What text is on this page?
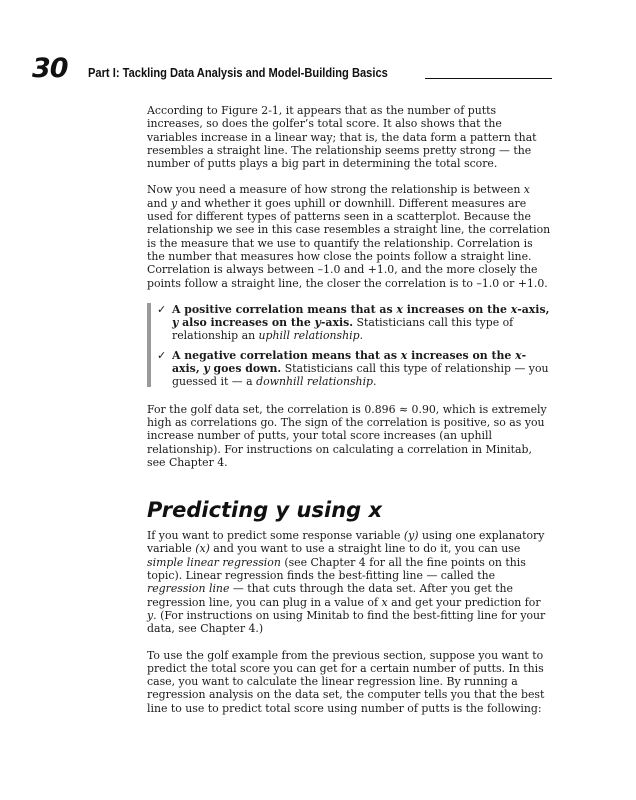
30 Part I: Tackling Data Analysis and Model-Building Basics

According to Figure 2-1, it appears that as the number of putts increases, so does the golfer’s total score. It also shows that the variables increase in a linear way; that is, the data form a pattern that resembles a straight line. The relationship seems pretty strong — the number of putts plays a big part in determining the total score.

Now you need a measure of how strong the relationship is between x and y and whether it goes uphill or downhill. Different measures are used for different types of patterns seen in a scatterplot. Because the relationship we see in this case resembles a straight line, the correlation is the measure that we use to quantify the relationship. Correlation is the number that measures how close the points follow a straight line. Correlation is always between –1.0 and +1.0, and the more closely the points follow a straight line, the closer the correlation is to –1.0 or +1.0.

✓ A positive correlation means that as x increases on the x-axis, y also increases on the y-axis. Statisticians call this type of relationship an uphill relationship.
✓ A negative correlation means that as x increases on the x-axis, y goes down. Statisticians call this type of relationship — you guessed it — a downhill relationship.

For the golf data set, the correlation is 0.896 ≈ 0.90, which is extremely high as correlations go. The sign of the correlation is positive, so as you increase number of putts, your total score increases (an uphill relationship). For instructions on calculating a correlation in Minitab, see Chapter 4.

Predicting y using x

If you want to predict some response variable (y) using one explanatory variable (x) and you want to use a straight line to do it, you can use simple linear regression (see Chapter 4 for all the fine points on this topic). Linear regression finds the best-fitting line — called the regression line — that cuts through the data set. After you get the regression line, you can plug in a value of x and get your prediction for y. (For instructions on using Minitab to find the best-fitting line for your data, see Chapter 4.)

To use the golf example from the previous section, suppose you want to predict the total score you can get for a certain number of putts. In this case, you want to calculate the linear regression line. By running a regression analysis on the data set, the computer tells you that the best line to use to predict total score using number of putts is the following:
